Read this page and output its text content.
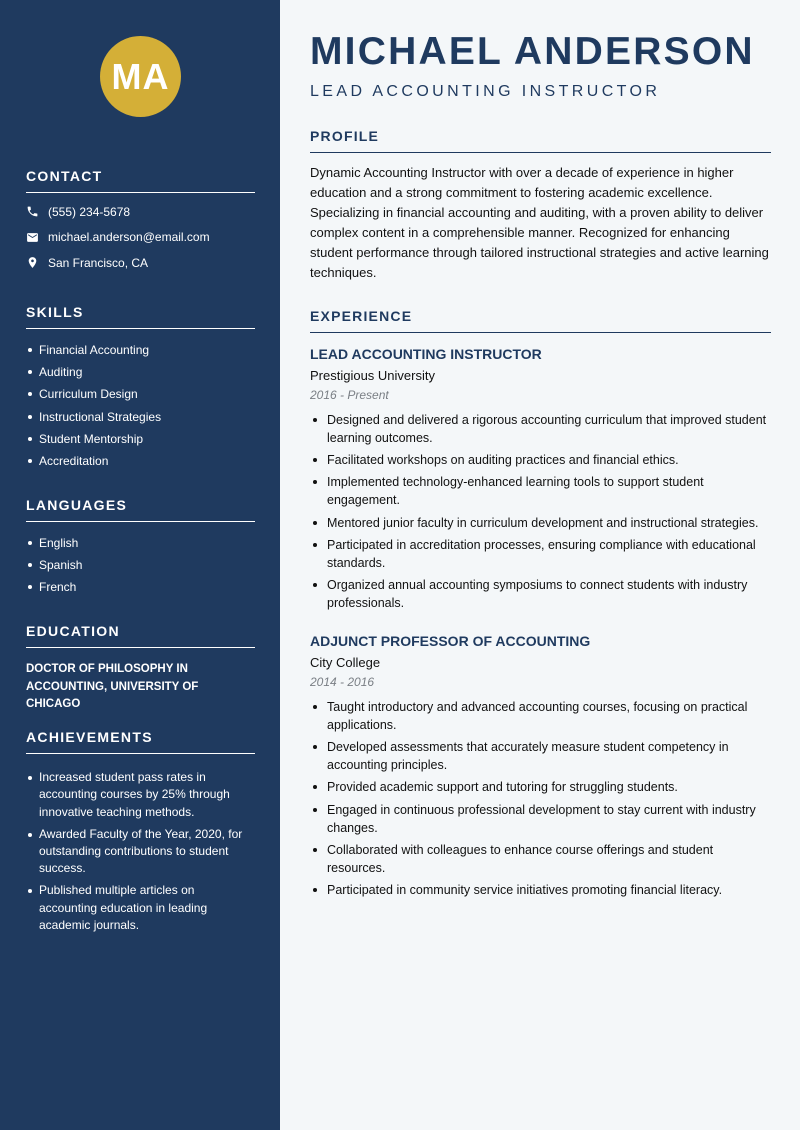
MA
CONTACT
(555) 234-5678
michael.anderson@email.com
San Francisco, CA
SKILLS
Financial Accounting
Auditing
Curriculum Design
Instructional Strategies
Student Mentorship
Accreditation
LANGUAGES
English
Spanish
French
EDUCATION
DOCTOR OF PHILOSOPHY IN ACCOUNTING, UNIVERSITY OF CHICAGO
ACHIEVEMENTS
Increased student pass rates in accounting courses by 25% through innovative teaching methods.
Awarded Faculty of the Year, 2020, for outstanding contributions to student success.
Published multiple articles on accounting education in leading academic journals.
MICHAEL ANDERSON
LEAD ACCOUNTING INSTRUCTOR
PROFILE
Dynamic Accounting Instructor with over a decade of experience in higher education and a strong commitment to fostering academic excellence. Specializing in financial accounting and auditing, with a proven ability to deliver complex content in a comprehensible manner. Recognized for enhancing student performance through tailored instructional strategies and active learning techniques.
EXPERIENCE
LEAD ACCOUNTING INSTRUCTOR
Prestigious University
2016 - Present
Designed and delivered a rigorous accounting curriculum that improved student learning outcomes.
Facilitated workshops on auditing practices and financial ethics.
Implemented technology-enhanced learning tools to support student engagement.
Mentored junior faculty in curriculum development and instructional strategies.
Participated in accreditation processes, ensuring compliance with educational standards.
Organized annual accounting symposiums to connect students with industry professionals.
ADJUNCT PROFESSOR OF ACCOUNTING
City College
2014 - 2016
Taught introductory and advanced accounting courses, focusing on practical applications.
Developed assessments that accurately measure student competency in accounting principles.
Provided academic support and tutoring for struggling students.
Engaged in continuous professional development to stay current with industry changes.
Collaborated with colleagues to enhance course offerings and student resources.
Participated in community service initiatives promoting financial literacy.
